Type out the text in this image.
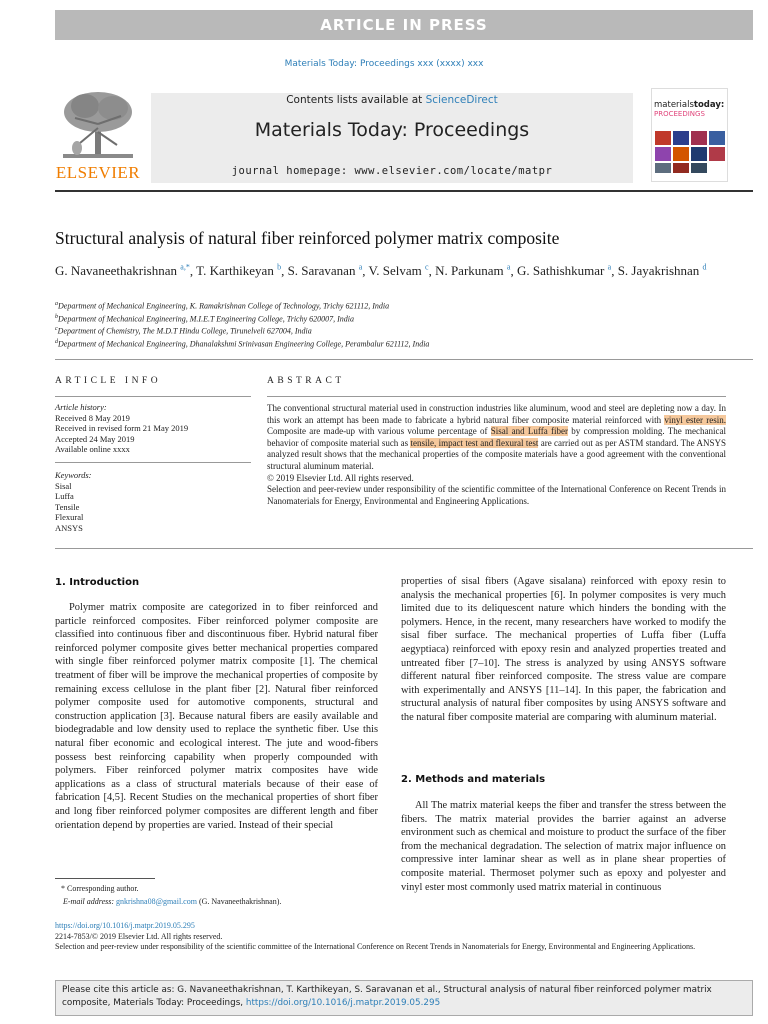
ARTICLE IN PRESS
Materials Today: Proceedings xxx (xxxx) xxx
ELSEVIER
Contents lists available at ScienceDirect
Materials Today: Proceedings
journal homepage: www.elsevier.com/locate/matpr
materialstoday:
PROCEEDINGS
Structural analysis of natural fiber reinforced polymer matrix composite
G. Navaneethakrishnan $^{a,*}$, T. Karthikeyan $^b$, S. Saravanan $^a$, V. Selvam $^c$, N. Parkunam $^a$, G. Sathishkumar $^a$, S. Jayakrishnan $^d$
$^a$Department of Mechanical Engineering, K. Ramakrishnan College of Technology, Trichy 621112, India
$^b$Department of Mechanical Engineering, M.I.E.T Engineering College, Trichy 620007, India
$^c$Department of Chemistry, The M.D.T Hindu College, Tirunelveli 627004, India
$^d$Department of Mechanical Engineering, Dhanalakshmi Srinivasan Engineering College, Perambalur 621112, India
ARTICLE INFO
Article history:
Received 8 May 2019
Received in revised form 21 May 2019
Accepted 24 May 2019
Available online xxxx
Keywords:
Sisal
Luffa
Tensile
Flexural
ANSYS
ABSTRACT
The conventional structural material used in construction industries like aluminum, wood and steel are depleting now a day. In this work an attempt has been made to fabricate a hybrid natural fiber composite material reinforced with vinyl ester resin. Composite are made-up with various volume percentage of Sisal and Luffa fiber by compression molding. The mechanical behavior of composite material such as tensile, impact test and flexural test are carried out as per ASTM standard. The ANSYS analyzed result shows that the mechanical properties of the composite materials have a good agreement with the conventional structural aluminum material.
© 2019 Elsevier Ltd. All rights reserved.
Selection and peer-review under responsibility of the scientific committee of the International Conference on Recent Trends in Nanomaterials for Energy, Environmental and Engineering Applications.
1. Introduction

Polymer matrix composite are categorized in to fiber reinforced and particle reinforced composites. Fiber reinforced polymer composite are classified into continuous fiber and discontinuous fiber. Hybrid natural fiber reinforced polymer composite gives better mechanical properties compared with single fiber reinforced polymer matrix composite [1]. The chemical treatment of fiber will be improve the mechanical properties of composite by remaining excess cellulose in the plant fiber [2]. Natural fiber reinforced polymer composite used for automotive components, structural and construction application [3]. Because natural fibers are easily available and biodegradable and low density used to replace the synthetic fiber. Use this natural fiber economic and ecological interest. The jute and wood-fibers possess best reinforcing capability when properly compounded with polymers. Fiber reinforced polymer matrix composites have wide applications as a class of structural materials because of their ease of fabrication [4,5]. Recent Studies on the mechanical properties of short fiber and long fiber reinforced polymer composites are different length and fiber orientation depend by properties are varied. Instead of their special

properties of sisal fibers (Agave sisalana) reinforced with epoxy resin to analysis the mechanical properties [6]. In polymer composites is very much limited due to its deliquescent nature which hinders the bonding with the polymers. Hence, in the recent, many researchers have worked to modify the sisal fiber surface. The mechanical properties of Luffa fiber (Luffa aegyptiaca) reinforced with epoxy resin and analyzed properties treated and untreated fiber [7–10]. The stress is analyzed by using ANSYS software different natural fiber reinforced composite. The stress value are compare with experimentally and ANSYS [11–14]. In this paper, the fabrication and structural analysis of natural fiber composites by using ANSYS software and the natural fiber composite material are comparing with aluminum material.

2. Methods and materials

All The matrix material keeps the fiber and transfer the stress between the fibers. The matrix material provides the barrier against an adverse environment such as chemical and moisture to product the surface of the fiber from the mechanical degradation. The selection of matrix major influence on compressive inter laminar shear as well as in plane shear properties of composite material. Thermoset polymer such as epoxy and polyester and vinyl ester most commonly used matrix material in continuous

* Corresponding author.
E-mail address: gnkrishna08@gmail.com (G. Navaneethakrishnan).
https://doi.org/10.1016/j.matpr.2019.05.295
2214-7853/© 2019 Elsevier Ltd. All rights reserved.
Selection and peer-review under responsibility of the scientific committee of the International Conference on Recent Trends in Nanomaterials for Energy, Environmental and Engineering Applications.
Please cite this article as: G. Navaneethakrishnan, T. Karthikeyan, S. Saravanan et al., Structural analysis of natural fiber reinforced polymer matrix composite, Materials Today: Proceedings, https://doi.org/10.1016/j.matpr.2019.05.295
